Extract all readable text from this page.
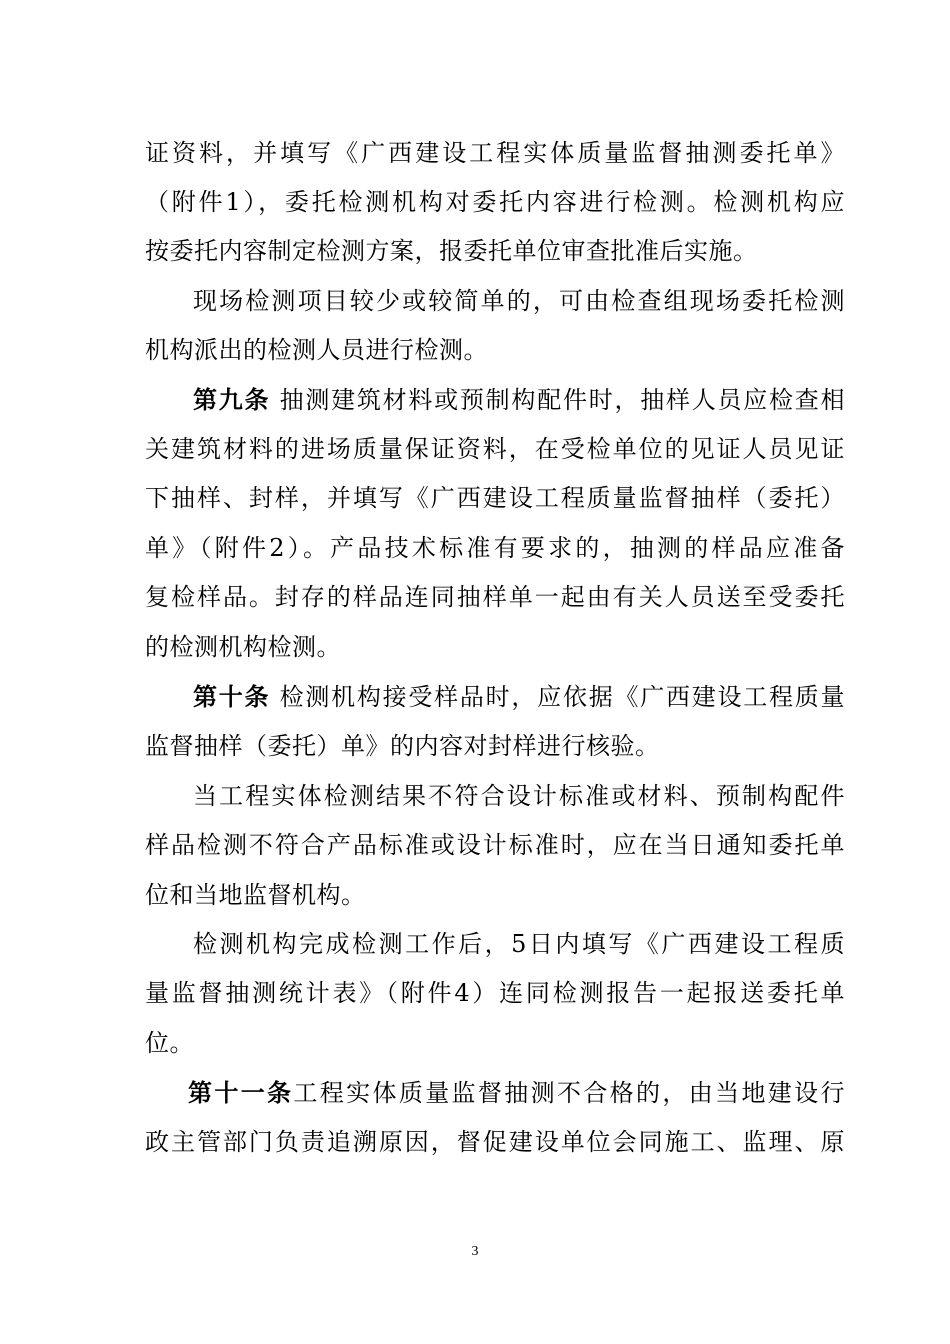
证资料，并填写《广西建设工程实体质量监督抽测委托单》
（附件1），委托检测机构对委托内容进行检测。检测机构应
按委托内容制定检测方案，报委托单位审查批准后实施。
现场检测项目较少或较简单的，可由检查组现场委托检测
机构派出的检测人员进行检测。
第九条 抽测建筑材料或预制构配件时，抽样人员应检查相
关建筑材料的进场质量保证资料，在受检单位的见证人员见证
下抽样、封样，并填写《广西建设工程质量监督抽样（委托）
单》（附件2）。产品技术标准有要求的，抽测的样品应准备
复检样品。封存的样品连同抽样单一起由有关人员送至受委托
的检测机构检测。
第十条 检测机构接受样品时，应依据《广西建设工程质量
监督抽样（委托）单》的内容对封样进行核验。
当工程实体检测结果不符合设计标准或材料、预制构配件
样品检测不符合产品标准或设计标准时，应在当日通知委托单
位和当地监督机构。
检测机构完成检测工作后，5日内填写《广西建设工程质
量监督抽测统计表》（附件4）连同检测报告一起报送委托单
位。
第十一条工程实体质量监督抽测不合格的，由当地建设行
政主管部门负责追溯原因，督促建设单位会同施工、监理、原
3
